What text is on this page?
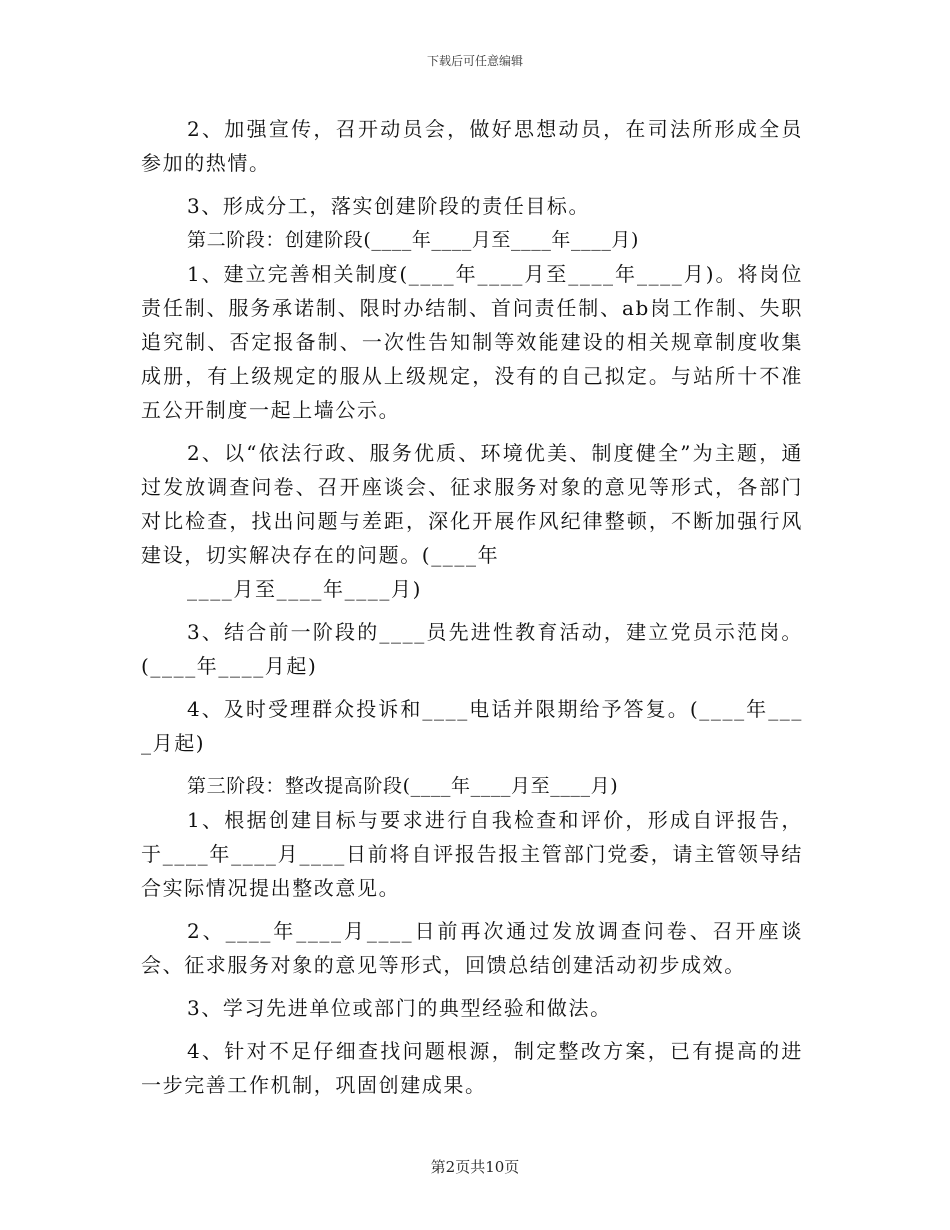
下载后可任意编辑

2、加强宣传，召开动员会，做好思想动员，在司法所形成全员参加的热情。

3、形成分工，落实创建阶段的责任目标。

第二阶段：创建阶段(____年____月至____年____月)

1、建立完善相关制度(____年____月至____年____月)。将岗位责任制、服务承诺制、限时办结制、首问责任制、ab岗工作制、失职追究制、否定报备制、一次性告知制等效能建设的相关规章制度收集成册，有上级规定的服从上级规定，没有的自己拟定。与站所十不准五公开制度一起上墙公示。

2、以“依法行政、服务优质、环境优美、制度健全”为主题，通过发放调查问卷、召开座谈会、征求服务对象的意见等形式，各部门对比检查，找出问题与差距，深化开展作风纪律整顿，不断加强行风建设，切实解决存在的问题。(____年

____月至____年____月)

3、结合前一阶段的____员先进性教育活动，建立党员示范岗。(____年____月起)

4、及时受理群众投诉和____电话并限期给予答复。(____年____月起)

第三阶段：整改提高阶段(____年____月至____月)

1、根据创建目标与要求进行自我检查和评价，形成自评报告，于____年____月____日前将自评报告报主管部门党委，请主管领导结合实际情况提出整改意见。

2、____年____月____日前再次通过发放调查问卷、召开座谈会、征求服务对象的意见等形式，回馈总结创建活动初步成效。

3、学习先进单位或部门的典型经验和做法。

4、针对不足仔细查找问题根源，制定整改方案，已有提高的进一步完善工作机制，巩固创建成果。

第2页共10页
